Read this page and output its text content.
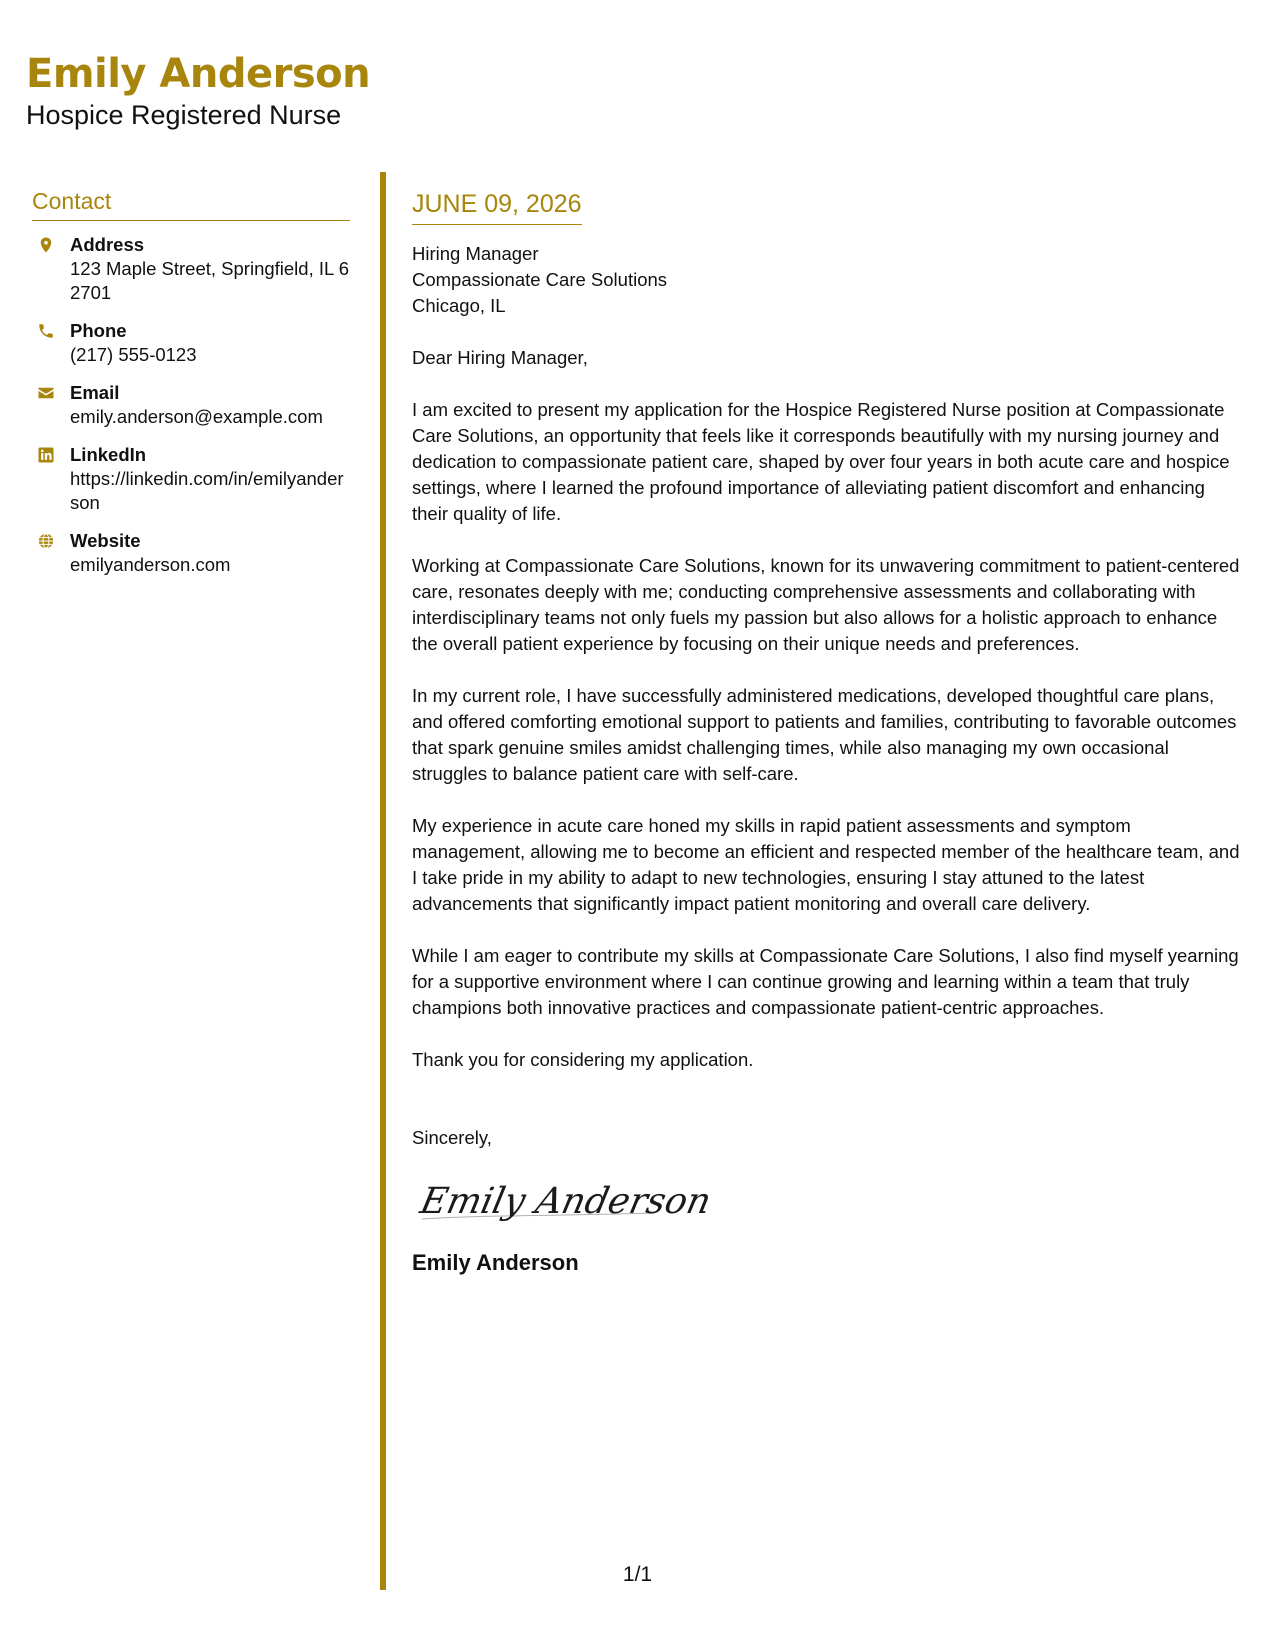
Emily Anderson
Hospice Registered Nurse
Contact
Address
123 Maple Street, Springfield, IL 62701
Phone
(217) 555-0123
Email
emily.anderson@example.com
LinkedIn
https://linkedin.com/in/emilyanderson
Website
emilyanderson.com
JUNE 09, 2026
Hiring Manager
Compassionate Care Solutions
Chicago, IL
Dear Hiring Manager,
I am excited to present my application for the Hospice Registered Nurse position at Compassionate Care Solutions, an opportunity that feels like it corresponds beautifully with my nursing journey and dedication to compassionate patient care, shaped by over four years in both acute care and hospice settings, where I learned the profound importance of alleviating patient discomfort and enhancing their quality of life.
Working at Compassionate Care Solutions, known for its unwavering commitment to patient-centered care, resonates deeply with me; conducting comprehensive assessments and collaborating with interdisciplinary teams not only fuels my passion but also allows for a holistic approach to enhance the overall patient experience by focusing on their unique needs and preferences.
In my current role, I have successfully administered medications, developed thoughtful care plans, and offered comforting emotional support to patients and families, contributing to favorable outcomes that spark genuine smiles amidst challenging times, while also managing my own occasional struggles to balance patient care with self-care.
My experience in acute care honed my skills in rapid patient assessments and symptom management, allowing me to become an efficient and respected member of the healthcare team, and I take pride in my ability to adapt to new technologies, ensuring I stay attuned to the latest advancements that significantly impact patient monitoring and overall care delivery.
While I am eager to contribute my skills at Compassionate Care Solutions, I also find myself yearning for a supportive environment where I can continue growing and learning within a team that truly champions both innovative practices and compassionate patient-centric approaches.
Thank you for considering my application.
Sincerely,
Emily Anderson
Emily Anderson
1/1
